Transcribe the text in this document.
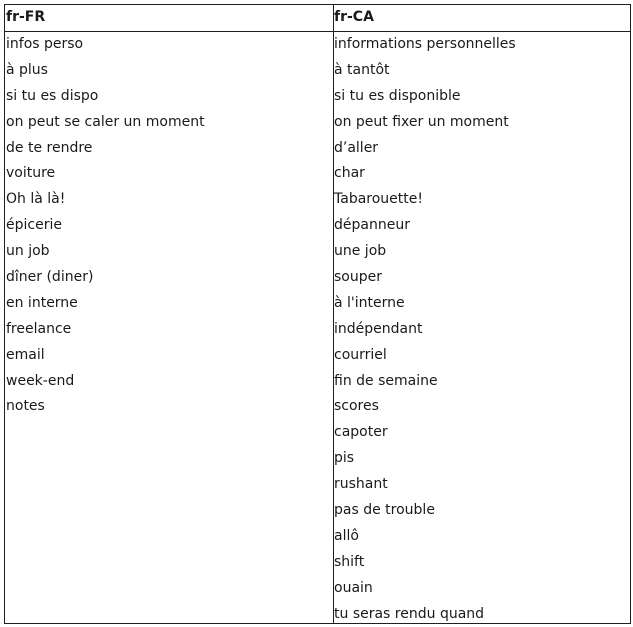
fr-FR
infos perso
à plus
si tu es dispo
on peut se caler un moment
de te rendre
voiture
Oh là là!
épicerie
un job
dîner (diner)
en interne
freelance
email
week-end
notes
fr-CA
informations personnelles
à tantôt
si tu es disponible
on peut fixer un moment
d’aller
char
Tabarouette!
dépanneur
une job
souper
à l'interne
indépendant
courriel
fin de semaine
scores
capoter
pis
rushant
pas de trouble
allô
shift
ouain
tu seras rendu quand
